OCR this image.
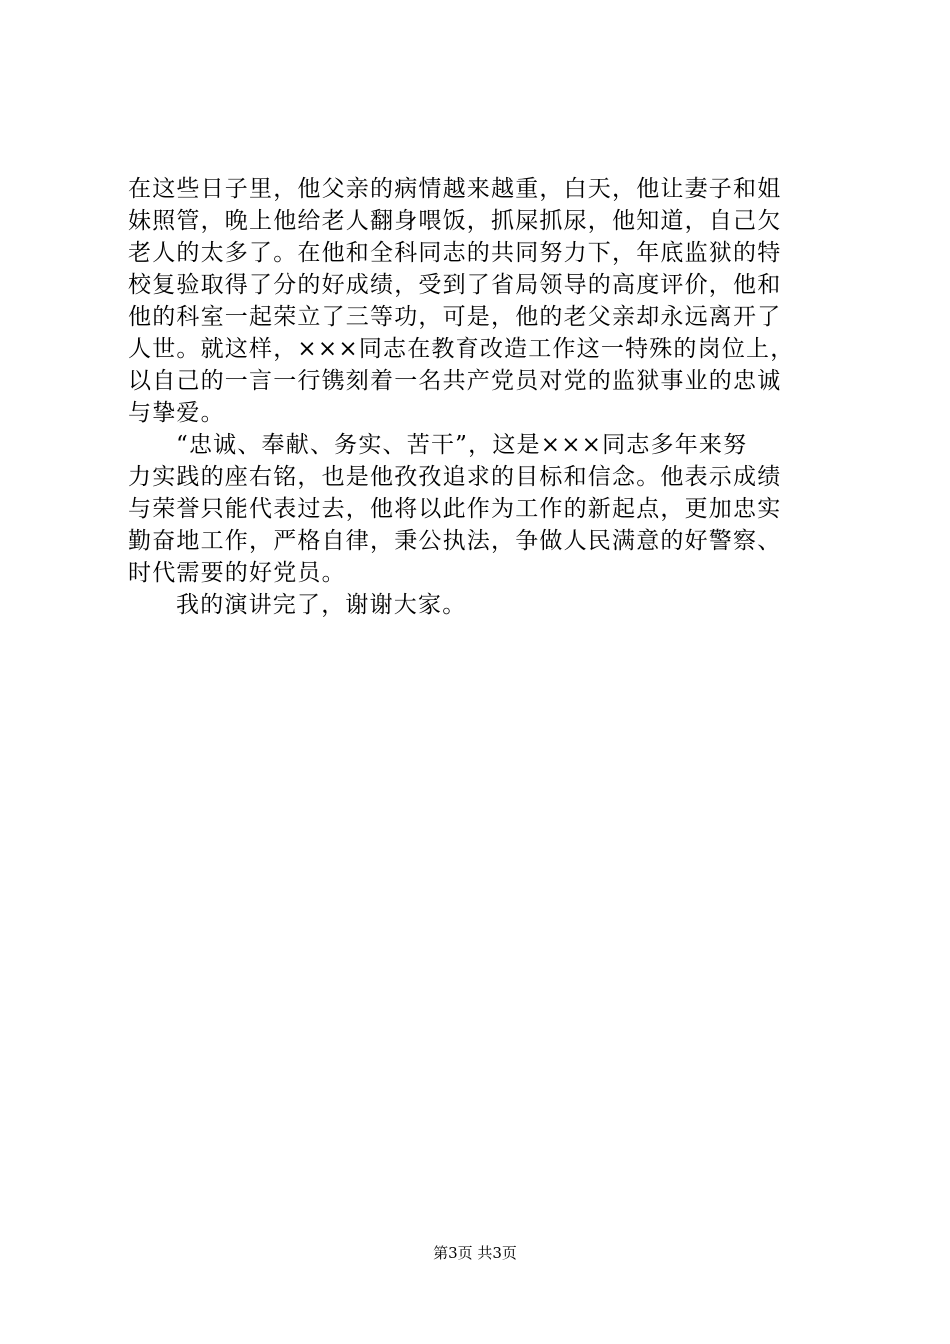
在这些日子里，他父亲的病情越来越重，白天，他让妻子和姐
妹照管，晚上他给老人翻身喂饭，抓屎抓尿，他知道，自己欠
老人的太多了。在他和全科同志的共同努力下，年底监狱的特
校复验取得了分的好成绩，受到了省局领导的高度评价，他和
他的科室一起荣立了三等功，可是，他的老父亲却永远离开了
人世。就这样，×××同志在教育改造工作这一特殊的岗位上，
以自己的一言一行镌刻着一名共产党员对党的监狱事业的忠诚
与挚爱。
“忠诚、奉献、务实、苦干”，这是×××同志多年来努
力实践的座右铭，也是他孜孜追求的目标和信念。他表示成绩
与荣誉只能代表过去，他将以此作为工作的新起点，更加忠实
勤奋地工作，严格自律，秉公执法，争做人民满意的好警察、
时代需要的好党员。
我的演讲完了，谢谢大家。
第3页 共3页
